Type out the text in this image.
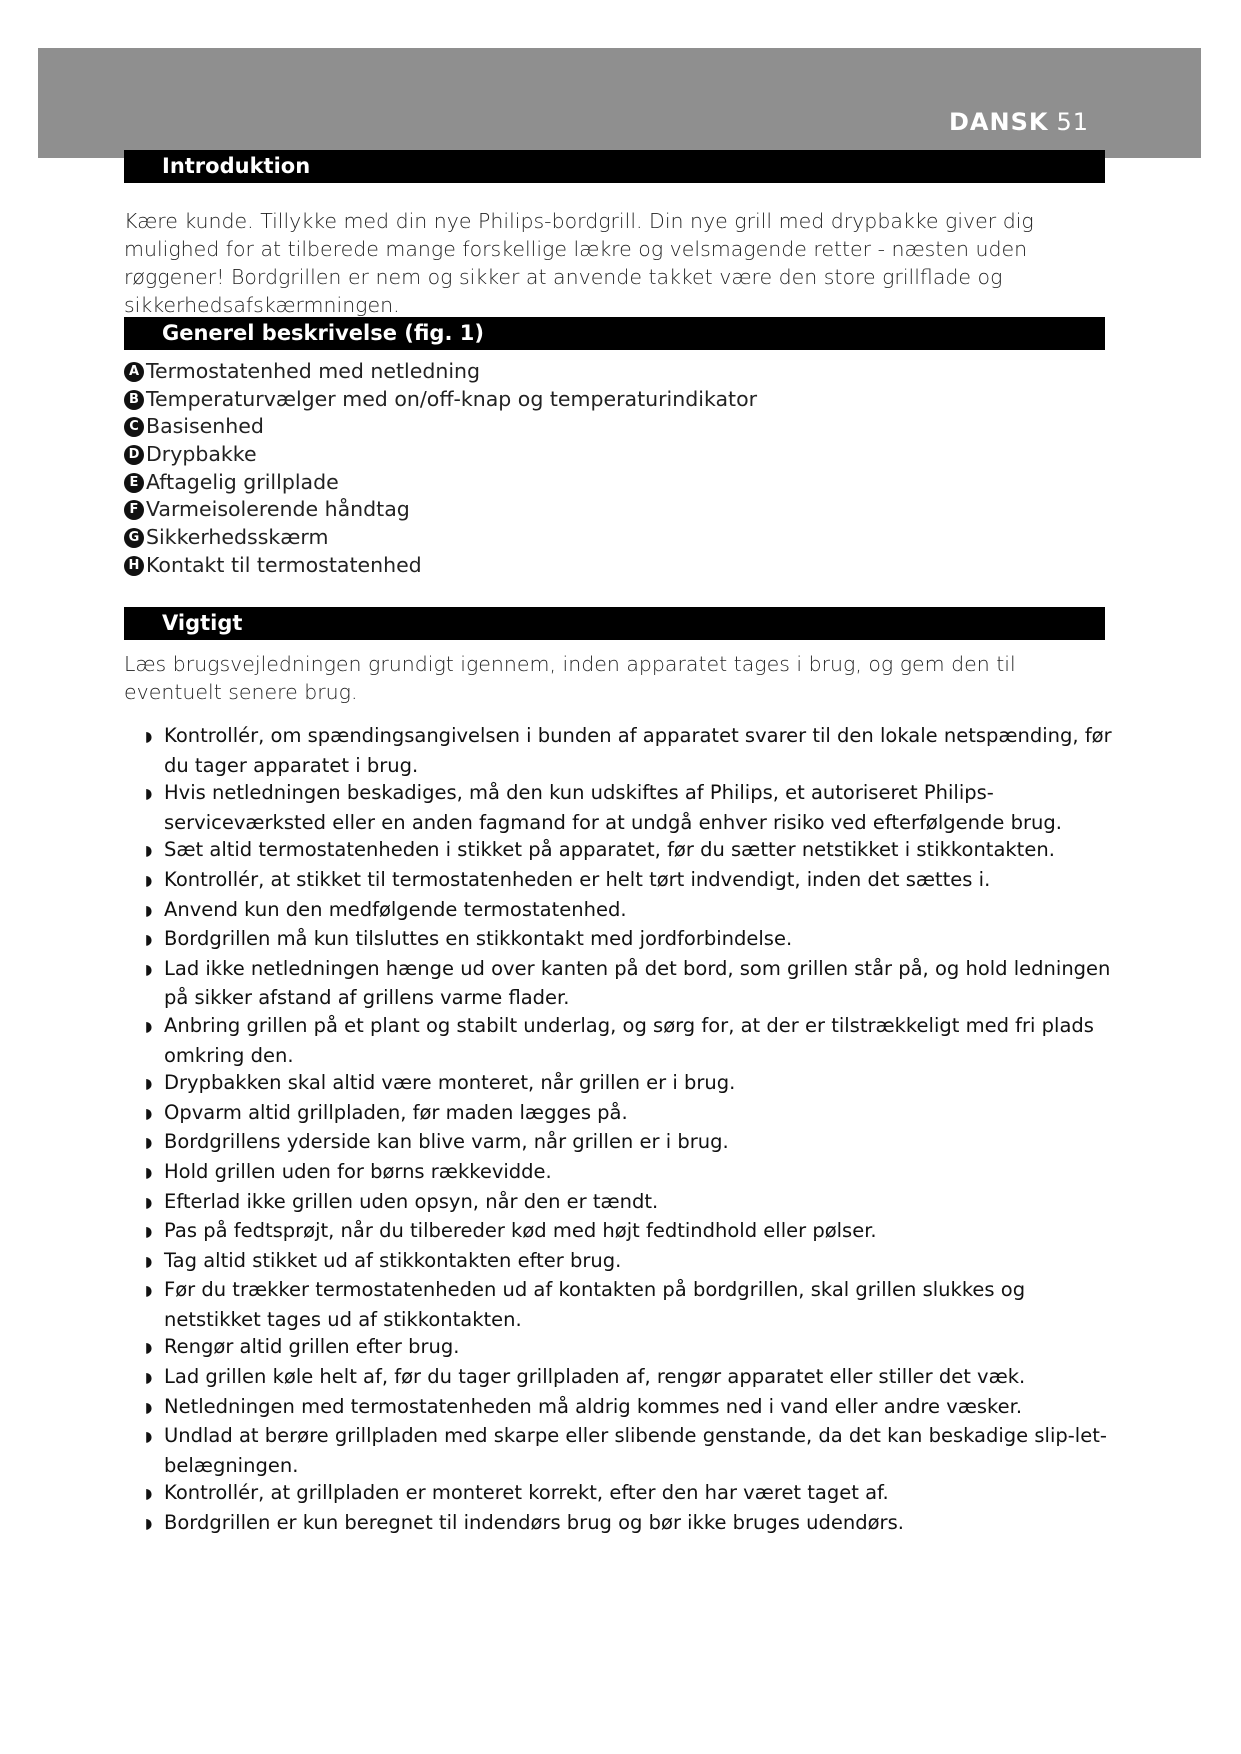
DANSK 51
Introduktion
Kære kunde. Tillykke med din nye Philips-bordgrill. Din nye grill med drypbakke giver dig mulighed for at tilberede mange forskellige lækre og velsmagende retter - næsten uden røggener! Bordgrillen er nem og sikker at anvende takket være den store grillflade og sikkerhedsafskærmningen.
Generel beskrivelse (fig. 1)
A Termostatenhed med netledning
B Temperaturvælger med on/off-knap og temperaturindikator
C Basisenhed
D Drypbakke
E Aftagelig grillplade
F Varmeisolerende håndtag
G Sikkerhedsskærm
H Kontakt til termostatenhed
Vigtigt
Læs brugsvejledningen grundigt igennem, inden apparatet tages i brug, og gem den til eventuelt senere brug.
◗ Kontrollér, om spændingsangivelsen i bunden af apparatet svarer til den lokale netspænding, før du tager apparatet i brug.
◗ Hvis netledningen beskadiges, må den kun udskiftes af Philips, et autoriseret Philips-serviceværksted eller en anden fagmand for at undgå enhver risiko ved efterfølgende brug.
◗ Sæt altid termostatenheden i stikket på apparatet, før du sætter netstikket i stikkontakten.
◗ Kontrollér, at stikket til termostatenheden er helt tørt indvendigt, inden det sættes i.
◗ Anvend kun den medfølgende termostatenhed.
◗ Bordgrillen må kun tilsluttes en stikkontakt med jordforbindelse.
◗ Lad ikke netledningen hænge ud over kanten på det bord, som grillen står på, og hold ledningen på sikker afstand af grillens varme flader.
◗ Anbring grillen på et plant og stabilt underlag, og sørg for, at der er tilstrækkeligt med fri plads omkring den.
◗ Drypbakken skal altid være monteret, når grillen er i brug.
◗ Opvarm altid grillpladen, før maden lægges på.
◗ Bordgrillens yderside kan blive varm, når grillen er i brug.
◗ Hold grillen uden for børns rækkevidde.
◗ Efterlad ikke grillen uden opsyn, når den er tændt.
◗ Pas på fedtsprøjt, når du tilbereder kød med højt fedtindhold eller pølser.
◗ Tag altid stikket ud af stikkontakten efter brug.
◗ Før du trækker termostatenheden ud af kontakten på bordgrillen, skal grillen slukkes og netstikket tages ud af stikkontakten.
◗ Rengør altid grillen efter brug.
◗ Lad grillen køle helt af, før du tager grillpladen af, rengør apparatet eller stiller det væk.
◗ Netledningen med termostatenheden må aldrig kommes ned i vand eller andre væsker.
◗ Undlad at berøre grillpladen med skarpe eller slibende genstande, da det kan beskadige slip-let-belægningen.
◗ Kontrollér, at grillpladen er monteret korrekt, efter den har været taget af.
◗ Bordgrillen er kun beregnet til indendørs brug og bør ikke bruges udendørs.
